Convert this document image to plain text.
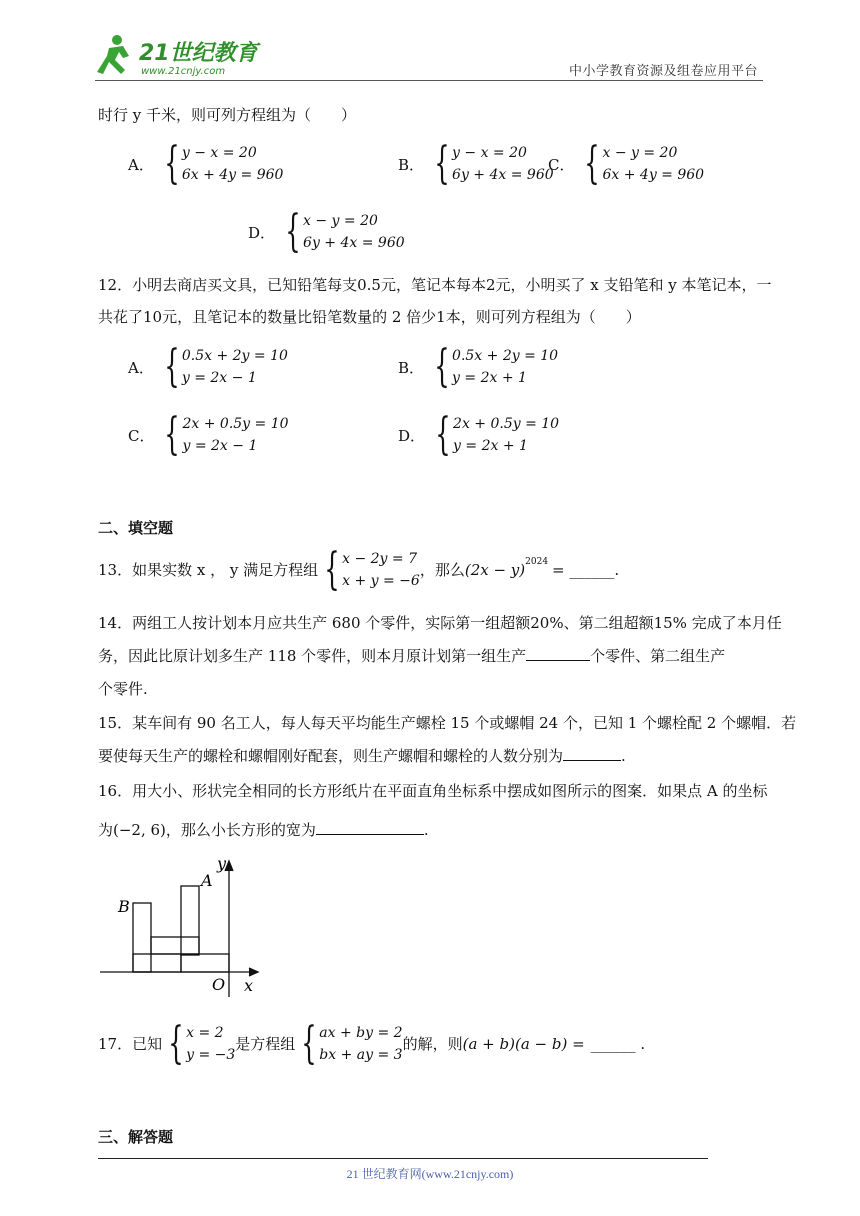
21世纪教育
www.21cnjy.com	中小学教育资源及组卷应用平台
时行 y 千米，则可列方程组为（　　）
A． { y − x = 20
6x + 4y = 960
B． { y − x = 20
6y + 4x = 960
C． { x − y = 20
6x + 4y = 960
D． { x − y = 20
6y + 4x = 960
12．小明去商店买文具，已知铅笔每支0.5元，笔记本每本2元，小明买了 x 支铅笔和 y 本笔记本，一
共花了10元，且笔记本的数量比铅笔数量的 2 倍少1本，则可列方程组为（　　）
A． { 0.5x + 2y = 10
y = 2x − 1
B． { 0.5x + 2y = 10
y = 2x + 1
C． { 2x + 0.5y = 10
y = 2x − 1
D． { 2x + 0.5y = 10
y = 2x + 1
二、填空题
13．如果实数 x ， y 满足方程组 { x − 2y = 7
x + y = −6
，那么 $(2x - y)^{2024}$ = ______.
14．两组工人按计划本月应共生产 680 个零件，实际第一组超额20%、第二组超额15% 完成了本月任
务，因此比原计划多生产 118 个零件，则本月原计划第一组生产	个零件、第二组生产
个零件.
15．某车间有 90 名工人，每人每天平均能生产螺栓 15 个或螺帽 24 个，已知 1 个螺栓配 2 个螺帽．若
要使每天生产的螺栓和螺帽刚好配套，则生产螺帽和螺栓的人数分别为	.
16．用大小、形状完全相同的长方形纸片在平面直角坐标系中摆成如图所示的图案．如果点 A 的坐标
为(−2, 6)，那么小长方形的宽为	.
A
B
O x
y
17．已知 { x = 2
y = −3
是方程组 { ax + by = 2
bx + ay = 3
的解，则 (a + b)(a − b) = ______ .
三、解答题
21 世纪教育网(www.21cnjy.com)
